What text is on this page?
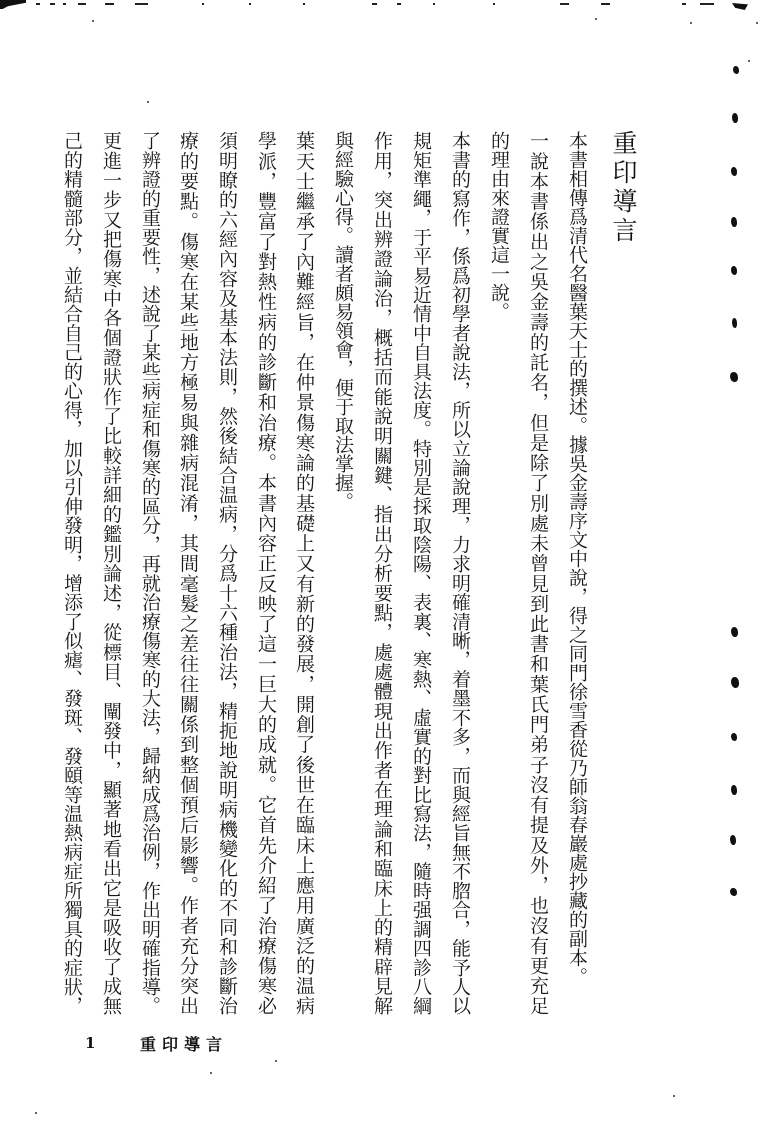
重印導言
本書相傳爲清代名醫葉天士的撰述。據吳金壽序文中說，得之同門徐雪香從乃師翁春巖處抄藏的副本。
一說本書係出之吳金壽的託名，但是除了別處未曾見到此書和葉氏門弟子沒有提及外，也沒有更充足
的理由來證實這一說。
本書的寫作，係爲初學者說法，所以立論說理，力求明確清晰，着墨不多，而與經旨無不脗合，能予人以
規矩準繩，于平易近情中自具法度。特別是採取陰陽、表裏、寒熱、虛實的對比寫法，隨時强調四診八綱
作用，突出辨證論治，概括而能說明關鍵、指出分析要點，處處體現出作者在理論和臨床上的精辟見解
與經驗心得。讀者頗易領會，便于取法掌握。
葉天士繼承了內難經旨，在仲景傷寒論的基礎上又有新的發展，開創了後世在臨床上應用廣泛的温病
學派，豐富了對熱性病的診斷和治療。本書內容正反映了這一巨大的成就。它首先介紹了治療傷寒必
須明瞭的六經內容及基本法則，然後結合温病，分爲十六種治法，精扼地說明病機變化的不同和診斷治
療的要點。傷寒在某些地方極易與雜病混淆，其間毫髮之差往往關係到整個預后影響。作者充分突出
了辨證的重要性，述說了某些病症和傷寒的區分，再就治療傷寒的大法，歸納成爲治例，作出明確指導。
更進一步又把傷寒中各個證狀作了比較詳細的鑑別論述，從標目、闡發中，顯著地看出它是吸收了成無
己的精髓部分，並結合自己的心得，加以引伸發明，增添了似瘧、發斑、發頤等温熱病症所獨具的症狀，
1	重印導言
